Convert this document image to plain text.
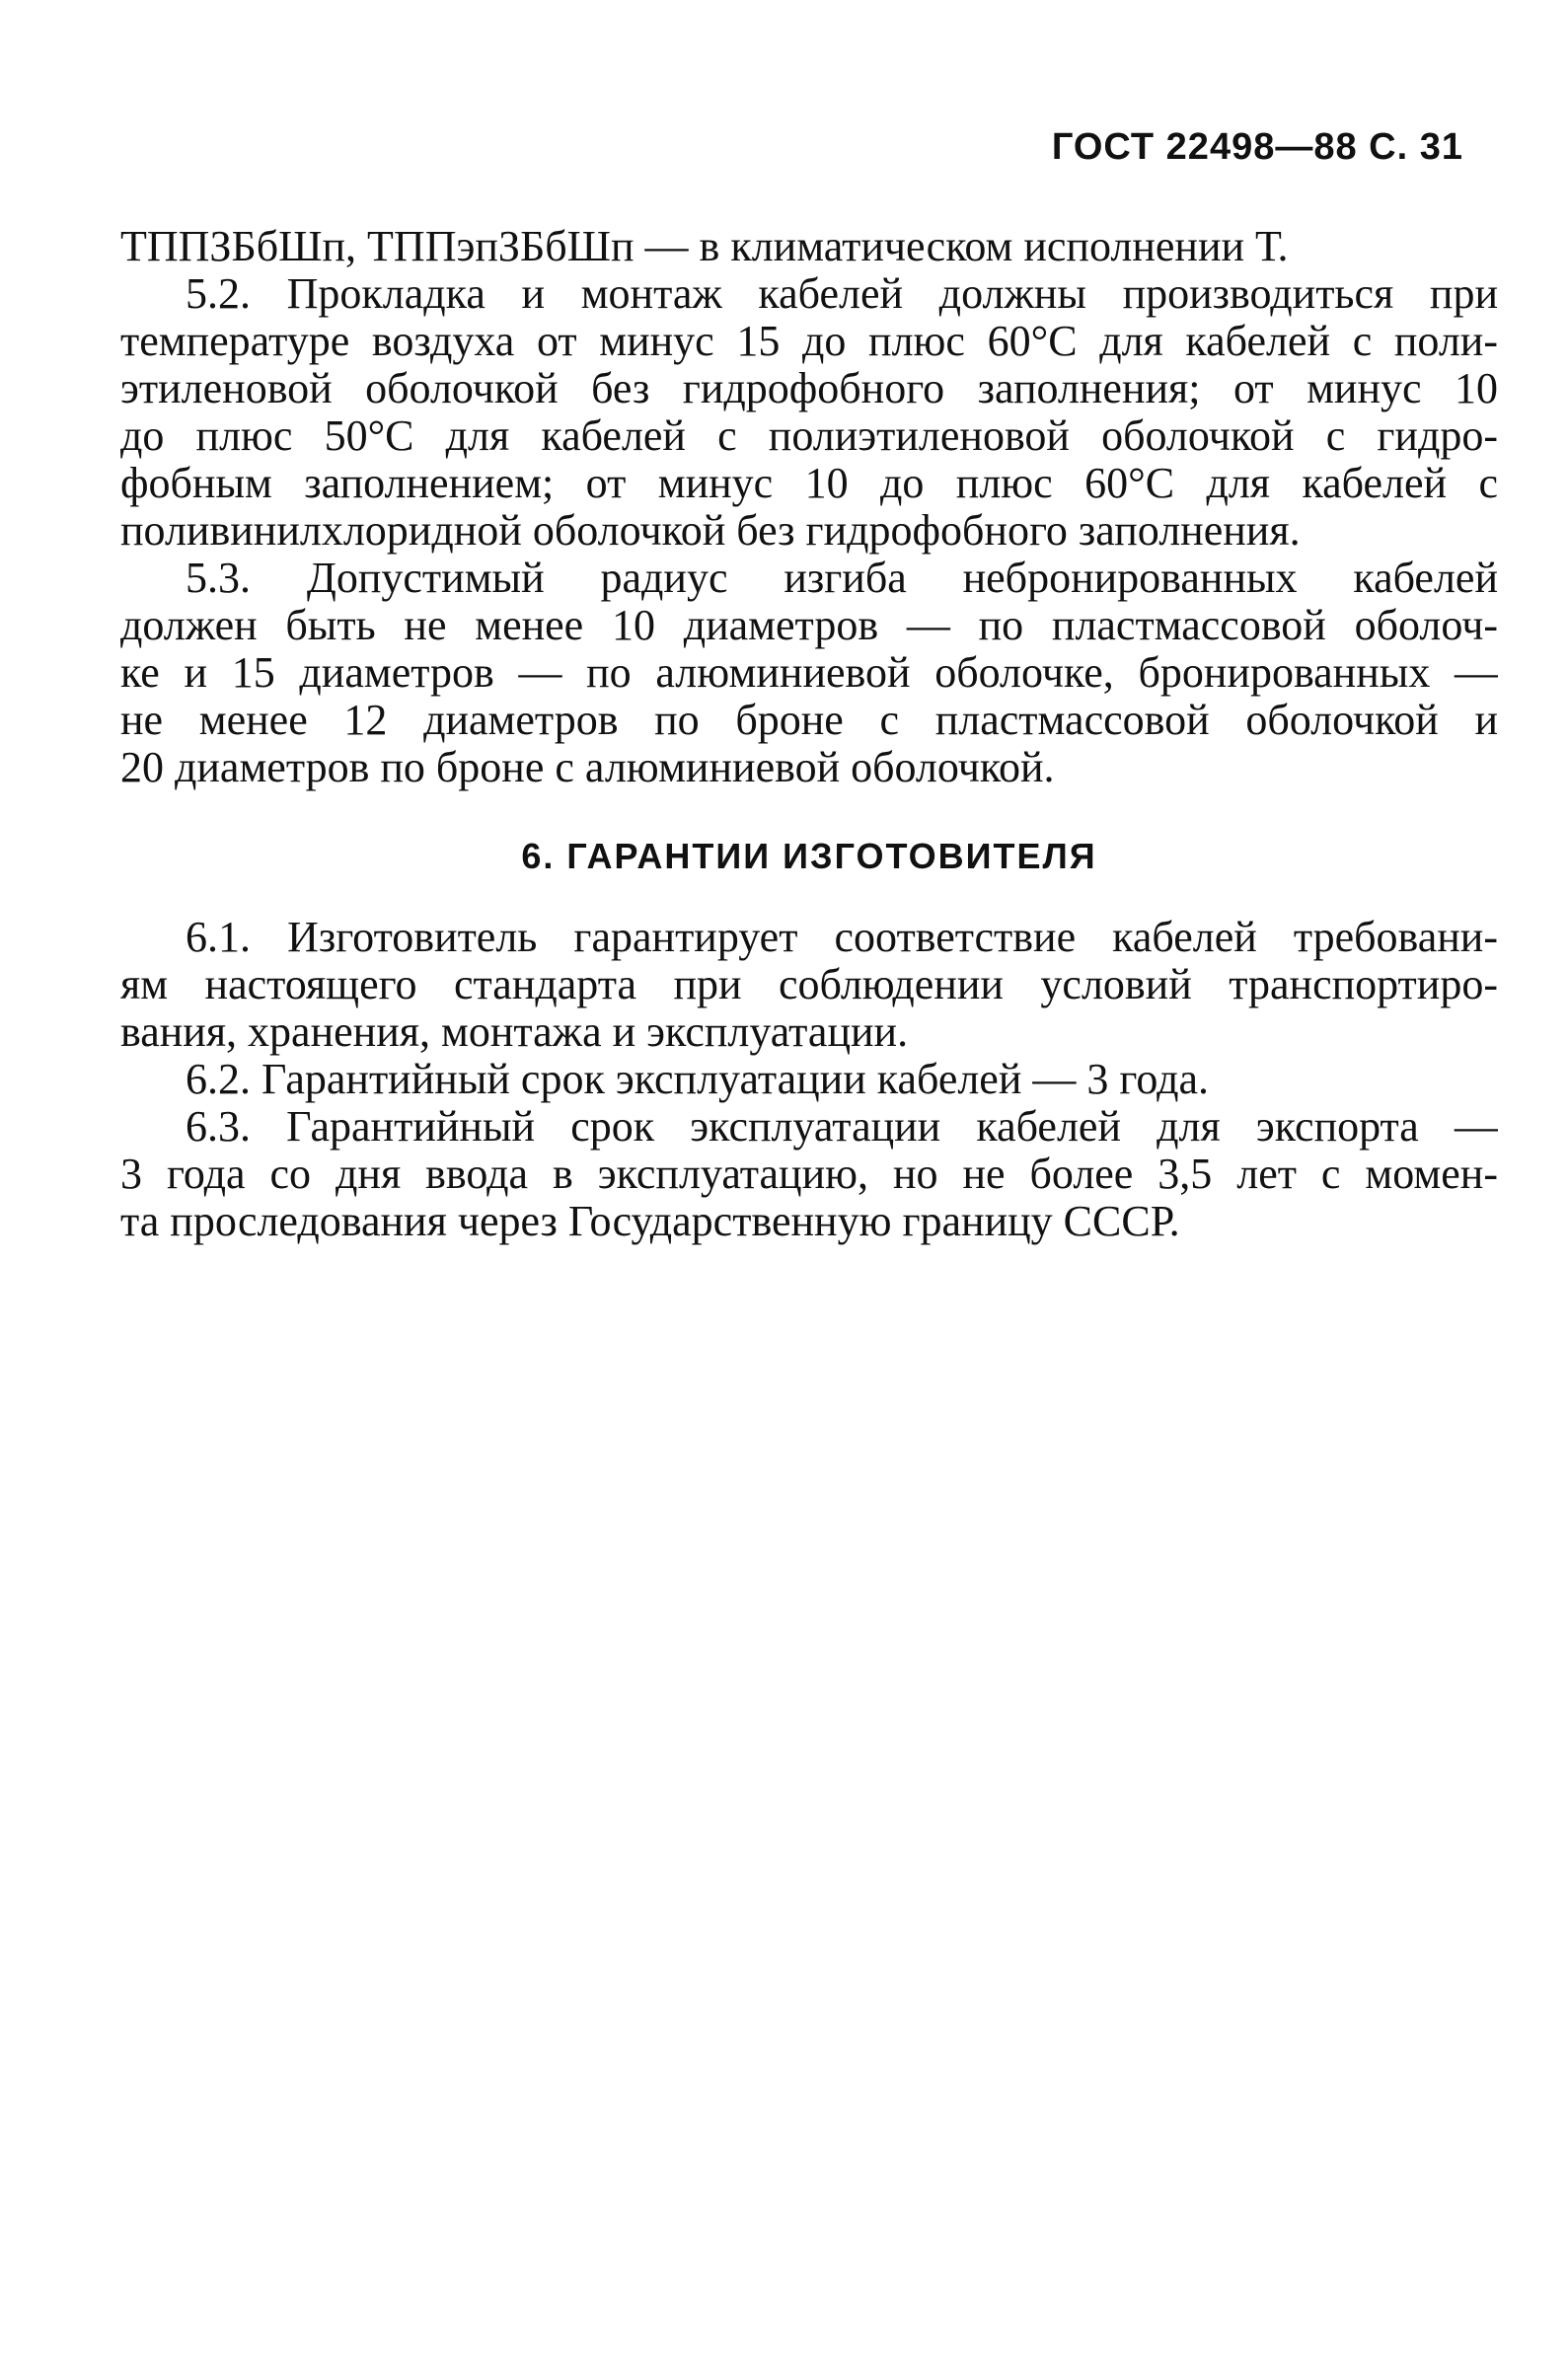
ГОСТ 22498—88 С. 31
ТППЗБбШп, ТППэпЗБбШп — в климатическом исполнении Т.
5.2. Прокладка и монтаж кабелей должны производиться при
температуре воздуха от минус 15 до плюс 60°С для кабелей с поли-
этиленовой оболочкой без гидрофобного заполнения; от минус 10
до плюс 50°С для кабелей с полиэтиленовой оболочкой с гидро-
фобным заполнением; от минус 10 до плюс 60°С для кабелей с
поливинилхлоридной оболочкой без гидрофобного заполнения.
5.3. Допустимый радиус изгиба небронированных кабелей
должен быть не менее 10 диаметров — по пластмассовой оболоч-
ке и 15 диаметров — по алюминиевой оболочке, бронированных —
не менее 12 диаметров по броне с пластмассовой оболочкой и
20 диаметров по броне с алюминиевой оболочкой.
6. ГАРАНТИИ ИЗГОТОВИТЕЛЯ
6.1. Изготовитель гарантирует соответствие кабелей требовани-
ям настоящего стандарта при соблюдении условий транспортиро-
вания, хранения, монтажа и эксплуатации.
6.2. Гарантийный срок эксплуатации кабелей — 3 года.
6.3. Гарантийный срок эксплуатации кабелей для экспорта —
3 года со дня ввода в эксплуатацию, но не более 3,5 лет с момен-
та проследования через Государственную границу СССР.
